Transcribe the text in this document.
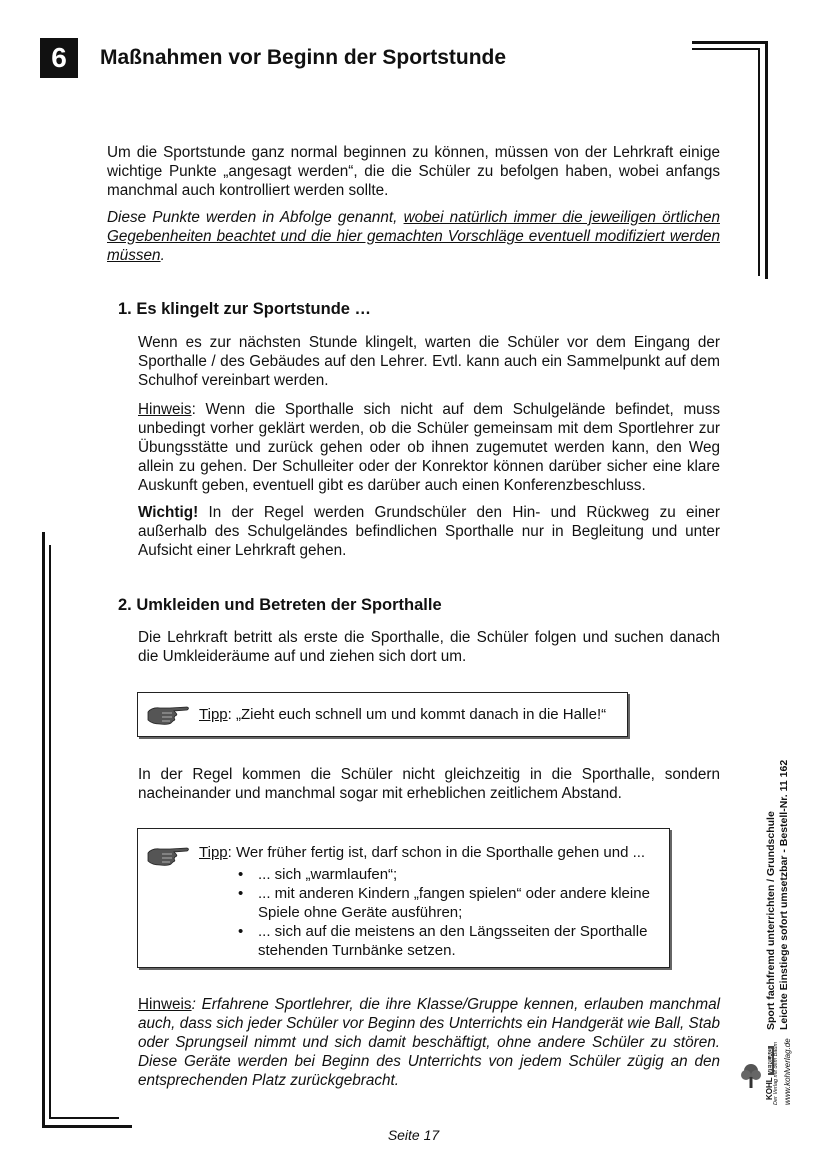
6 Maßnahmen vor Beginn der Sportstunde

Um die Sportstunde ganz normal beginnen zu können, müssen von der Lehrkraft einige wichtige Punkte „angesagt werden“, die die Schüler zu befolgen haben, wobei anfangs manchmal auch kontrolliert werden sollte.

Diese Punkte werden in Abfolge genannt, wobei natürlich immer die jeweiligen örtlichen Gegebenheiten beachtet und die hier gemachten Vorschläge eventuell modifiziert werden müssen.

1. Es klingelt zur Sportstunde …

Wenn es zur nächsten Stunde klingelt, warten die Schüler vor dem Eingang der Sporthalle / des Gebäudes auf den Lehrer. Evtl. kann auch ein Sammelpunkt auf dem Schulhof vereinbart werden.

Hinweis: Wenn die Sporthalle sich nicht auf dem Schulgelände befindet, muss unbedingt vorher geklärt werden, ob die Schüler gemeinsam mit dem Sportlehrer zur Übungsstätte und zurück gehen oder ob ihnen zugemutet werden kann, den Weg allein zu gehen. Der Schulleiter oder der Konrektor können darüber sicher eine klare Auskunft geben, eventuell gibt es darüber auch einen Konferenzbeschluss.

Wichtig! In der Regel werden Grundschüler den Hin- und Rückweg zu einer außerhalb des Schulgeländes befindlichen Sporthalle nur in Begleitung und unter Aufsicht einer Lehrkraft gehen.

2. Umkleiden und Betreten der Sporthalle

Die Lehrkraft betritt als erste die Sporthalle, die Schüler folgen und suchen danach die Umkleideräume auf und ziehen sich dort um.

Tipp: „Zieht euch schnell um und kommt danach in die Halle!“

In der Regel kommen die Schüler nicht gleichzeitig in die Sporthalle, sondern nacheinander und manchmal sogar mit erheblichen zeitlichem Abstand.

Tipp: Wer früher fertig ist, darf schon in die Sporthalle gehen und ...

• ... sich „warmlaufen“;
• ... mit anderen Kindern „fangen spielen“ oder andere kleine Spiele ohne Geräte ausführen;
• ... sich auf die meistens an den Längsseiten der Sporthalle stehenden Turnbänke setzen.

Hinweis: Erfahrene Sportlehrer, die ihre Klasse/Gruppe kennen, erlauben manchmal auch, dass sich jeder Schüler vor Beginn des Unterrichts ein Handgerät wie Ball, Stab oder Sprungseil nimmt und sich damit beschäftigt, ohne andere Schüler zu stören. Diese Geräte werden bei Beginn des Unterrichts von jedem Schüler zügig an den entsprechenden Platz zurückgebracht.

Sport fachfremd unterrichten / Grundschule Leichte Einstiege sofort umsetzbar - Bestell-Nr. 11 162
www.kohlverlag.de
KOHL VERLAG Der Verlag mit dem Baum
Seite 17
